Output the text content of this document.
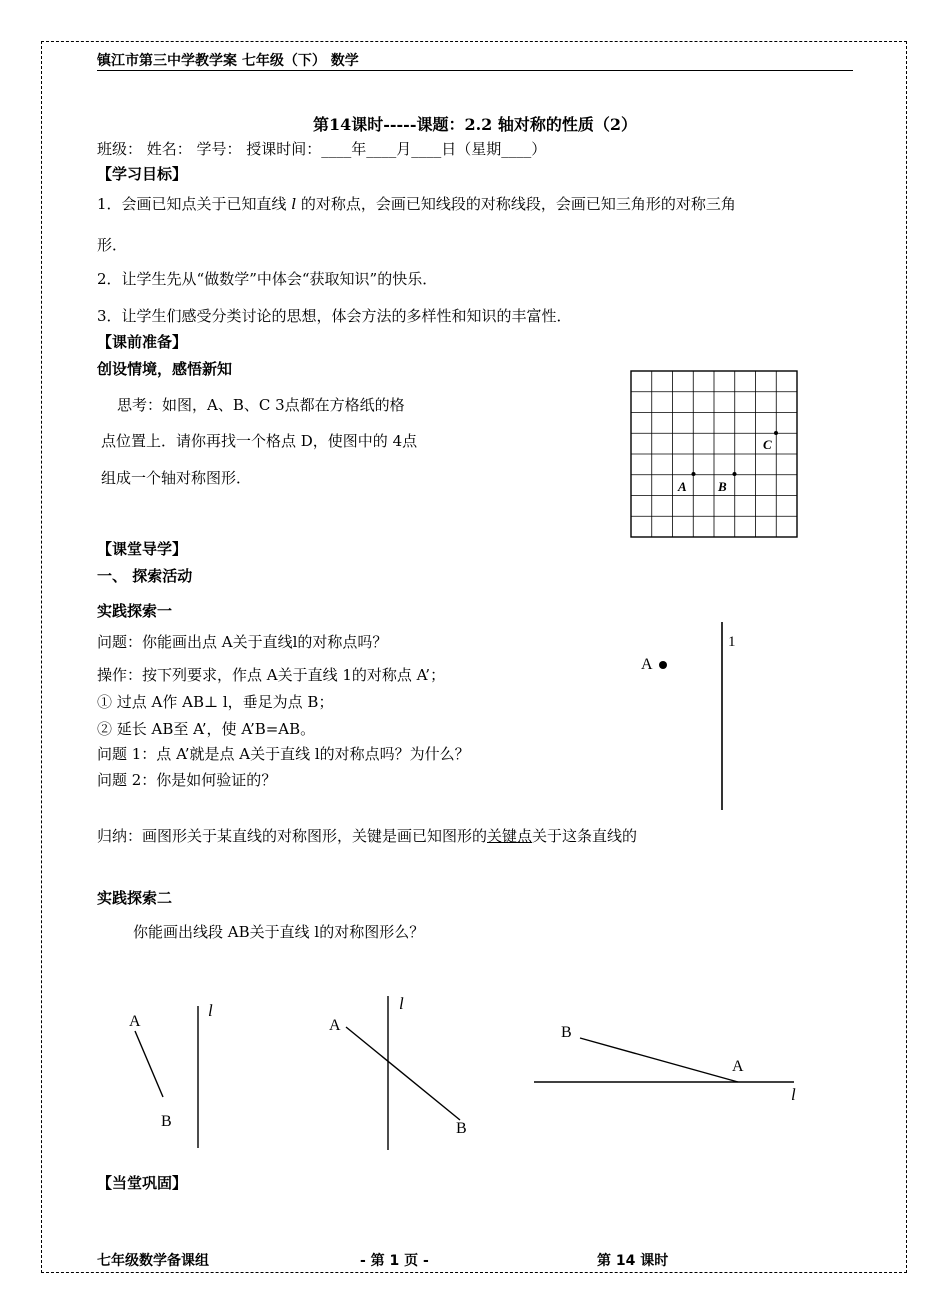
镇江市第三中学教学案 七年级（下） 数学
第14课时-----课题：2.2 轴对称的性质（2）
班级： 姓名： 学号： 授课时间：____年____月____日（星期____）
【学习目标】
1．会画已知点关于已知直线 l 的对称点，会画已知线段的对称线段，会画已知三角形的对称三角
形．
2．让学生先从“做数学”中体会“获取知识”的快乐．
3．让学生们感受分类讨论的思想，体会方法的多样性和知识的丰富性．
【课前准备】
创设情境，感悟新知
思考：如图，A、B、C 3点都在方格纸的格
点位置上．请你再找一个格点 D，使图中的 4点
组成一个轴对称图形．	A B
C
【课堂导学】
一、 探索活动
实践探索一
问题：你能画出点 A关于直线l的对称点吗？
操作：按下列要求，作点 A关于直线 1的对称点 A’；
① 过点 A作 AB⊥ l，垂足为点 B；
② 延长 AB至 A’，使 A’B=AB。
问题 1：点 A’就是点 A关于直线 l的对称点吗？为什么？
问题 2：你是如何验证的？
1
A
归纳：画图形关于某直线的对称图形，关键是画已知图形的关键点关于这条直线的
实践探索二
你能画出线段 AB关于直线 l的对称图形么？
A
B
l
A
B
l
B
A
l
【当堂巩固】
七年级数学备课组	- 第 1 页 -	第 14 课时
